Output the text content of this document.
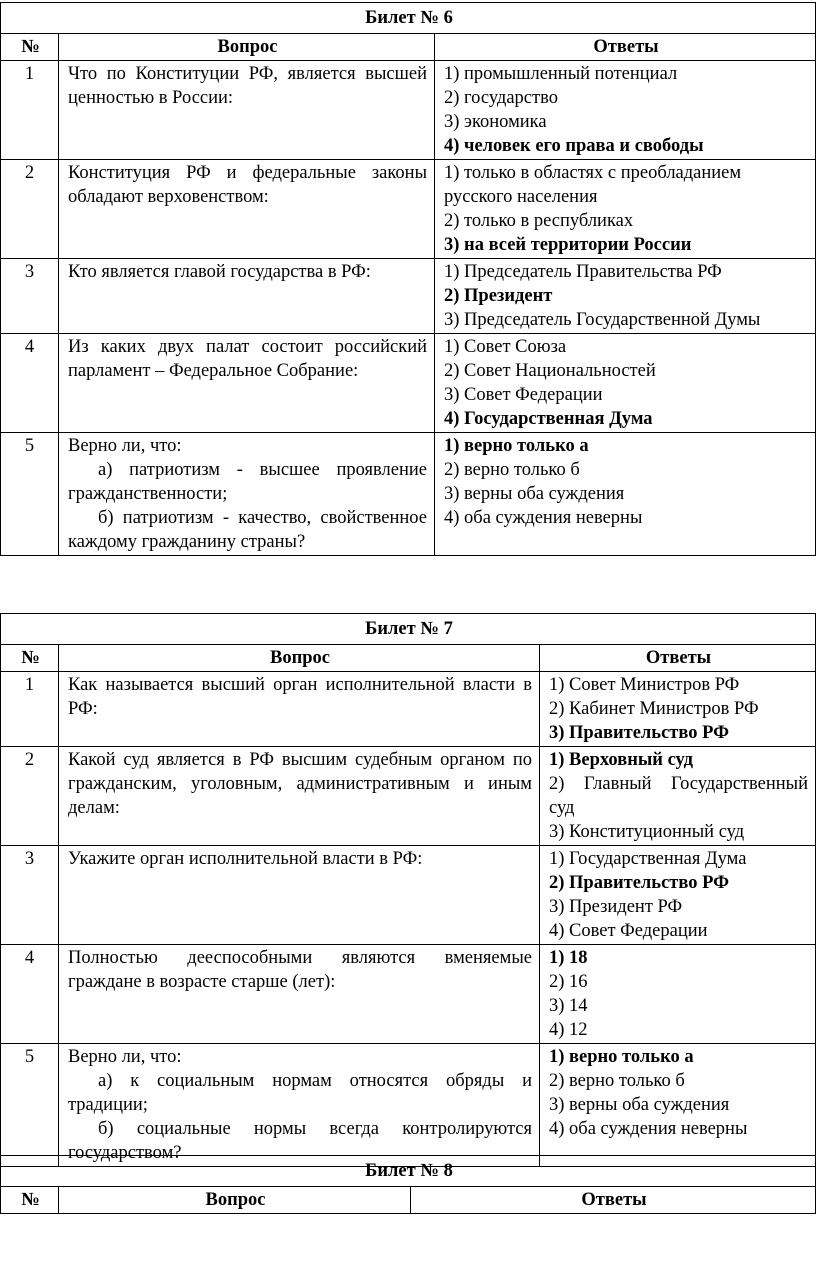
Билет № 6		
№	Вопрос	Ответы
1	Что по Конституции РФ, является высшей ценностью в России:	1) промышленный потенциал
2) государство
3) экономика
4) человек его права и свободы

2	Конституция РФ и федеральные законы обладают верховенством:	1) только в областях с преобладанием русского населения
2) только в республиках
3) на всей территории России

3	Кто является главой государства в РФ:	1) Председатель Правительства РФ
2) Президент
3) Председатель Государственной Думы

4	Из каких двух палат состоит российский парламент – Федеральное Собрание:	1) Совет Союза
2) Совет Национальностей
3) Совет Федерации
4) Государственная Дума

5	Верно ли, что:
а) патриотизм - высшее проявление гражданственности;
б) патриотизм - качество, свойственное каждому гражданину страны?	1) верно только а
2) верно только б
3) верны оба суждения
4) оба суждения неверны
Билет № 7		
№	Вопрос	Ответы
1	Как называется высший орган исполнительной власти в РФ:	1) Совет Министров РФ
2) Кабинет Министров РФ
3) Правительство РФ

2	Какой суд является в РФ высшим судебным органом по гражданским, уголовным, административным и иным делам:	1) Верховный суд
2) Главный Государственный суд
3) Конституционный суд

3	Укажите орган исполнительной власти в РФ:	1) Государственная Дума
2) Правительство РФ
3) Президент РФ
4) Совет Федерации

4	Полностью дееспособными являются вменяемые граждане в возрасте старше (лет):	1) 18
2) 16
3) 14
4) 12

5	Верно ли, что:
а) к социальным нормам относятся обряды и традиции;
б) социальные нормы всегда контролируются государством?	1) верно только а
2) верно только б
3) верны оба суждения
4) оба суждения неверны
Билет № 8
№	Вопрос	Ответы
